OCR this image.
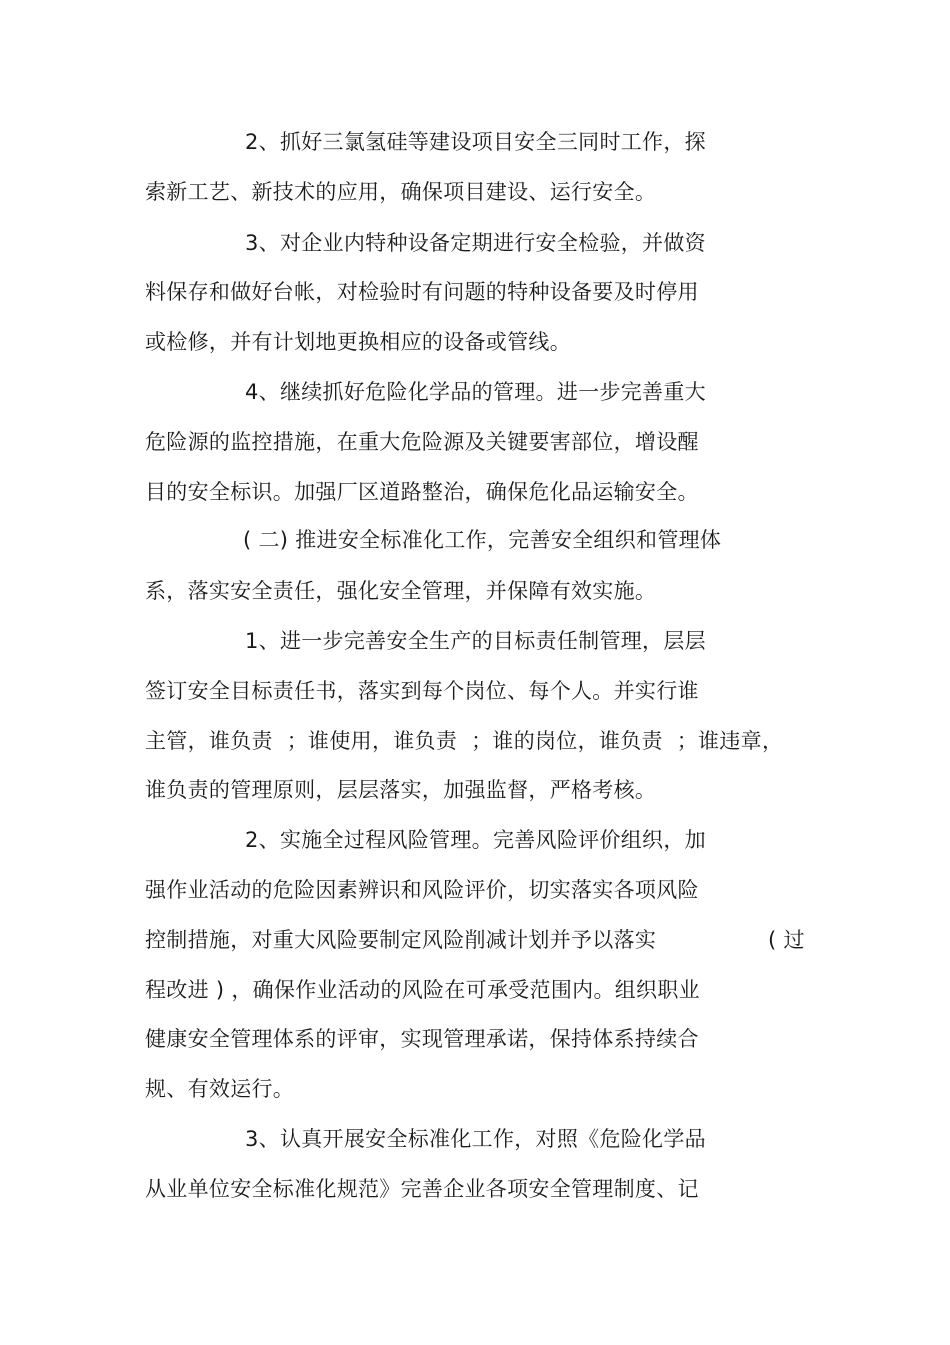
2、抓好三氯氢硅等建设项目安全三同时工作，探
索新工艺、新技术的应用，确保项目建设、运行安全。
3、对企业内特种设备定期进行安全检验，并做资
料保存和做好台帐，对检验时有问题的特种设备要及时停用
或检修，并有计划地更换相应的设备或管线。
4、继续抓好危险化学品的管理。进一步完善重大
危险源的监控措施，在重大危险源及关键要害部位，增设醒
目的安全标识。加强厂区道路整治，确保危化品运输安全。
( 二) 推进安全标准化工作，完善安全组织和管理体
系，落实安全责任，强化安全管理，并保障有效实施。
1、进一步完善安全生产的目标责任制管理，层层
签订安全目标责任书，落实到每个岗位、每个人。并实行谁
主管，谁负责  ；谁使用，谁负责  ；谁的岗位，谁负责  ；谁违章，
谁负责的管理原则，层层落实，加强监督，严格考核。
2、实施全过程风险管理。完善风险评价组织，加
强作业活动的危险因素辨识和风险评价，切实落实各项风险
控制措施，对重大风险要制定风险削减计划并予以落实	( 过
程改进 ) ，确保作业活动的风险在可承受范围内。组织职业
健康安全管理体系的评审，实现管理承诺，保持体系持续合
规、有效运行。
3、认真开展安全标准化工作，对照《危险化学品
从业单位安全标准化规范》完善企业各项安全管理制度、记
